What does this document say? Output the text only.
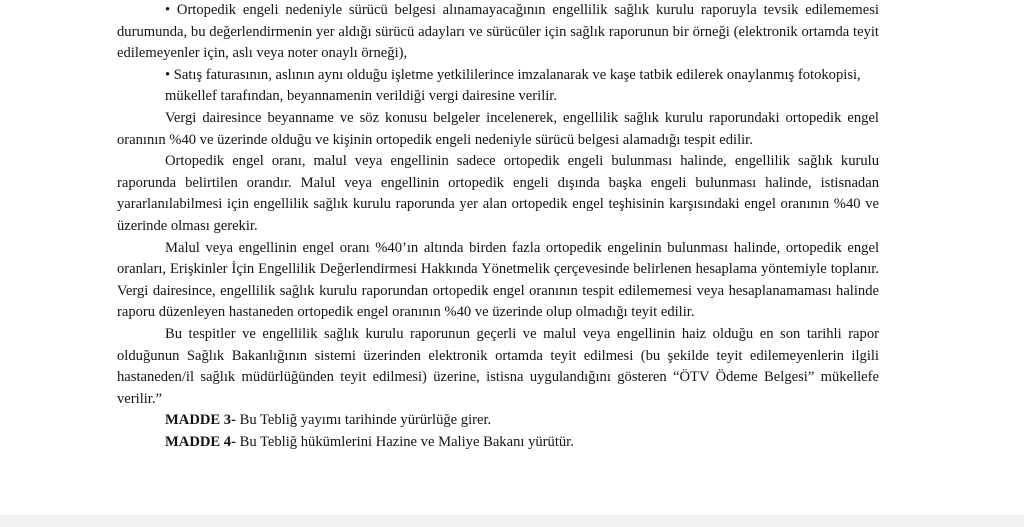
• Ortopedik engeli nedeniyle sürücü belgesi alınamayacağının engellilik sağlık kurulu raporuyla tevsik edilememesi durumunda, bu değerlendirmenin yer aldığı sürücü adayları ve sürücüler için sağlık raporunun bir örneği (elektronik ortamda teyit edilemeyenler için, aslı veya noter onaylı örneği),

• Satış faturasının, aslının aynı olduğu işletme yetkililerince imzalanarak ve kaşe tatbik edilerek onaylanmış fotokopisi,

mükellef tarafından, beyannamenin verildiği vergi dairesine verilir.

Vergi dairesince beyanname ve söz konusu belgeler incelenerek, engellilik sağlık kurulu raporundaki ortopedik engel oranının %40 ve üzerinde olduğu ve kişinin ortopedik engeli nedeniyle sürücü belgesi alamadığı tespit edilir.

Ortopedik engel oranı, malul veya engellinin sadece ortopedik engeli bulunması halinde, engellilik sağlık kurulu raporunda belirtilen orandır. Malul veya engellinin ortopedik engeli dışında başka engeli bulunması halinde, istisnadan yararlanılabilmesi için engellilik sağlık kurulu raporunda yer alan ortopedik engel teşhisinin karşısındaki engel oranının %40 ve üzerinde olması gerekir.

Malul veya engellinin engel oranı %40’ın altında birden fazla ortopedik engelinin bulunması halinde, ortopedik engel oranları, Erişkinler İçin Engellilik Değerlendirmesi Hakkında Yönetmelik çerçevesinde belirlenen hesaplama yöntemiyle toplanır. Vergi dairesince, engellilik sağlık kurulu raporundan ortopedik engel oranının tespit edilememesi veya hesaplanamaması halinde raporu düzenleyen hastaneden ortopedik engel oranının %40 ve üzerinde olup olmadığı teyit edilir.

Bu tespitler ve engellilik sağlık kurulu raporunun geçerli ve malul veya engellinin haiz olduğu en son tarihli rapor olduğunun Sağlık Bakanlığının sistemi üzerinden elektronik ortamda teyit edilmesi (bu şekilde teyit edilemeyenlerin ilgili hastaneden/il sağlık müdürlüğünden teyit edilmesi) üzerine, istisna uygulandığını gösteren “ÖTV Ödeme Belgesi” mükellefe verilir.”

MADDE 3- Bu Tebliğ yayımı tarihinde yürürlüğe girer.

MADDE 4- Bu Tebliğ hükümlerini Hazine ve Maliye Bakanı yürütür.
